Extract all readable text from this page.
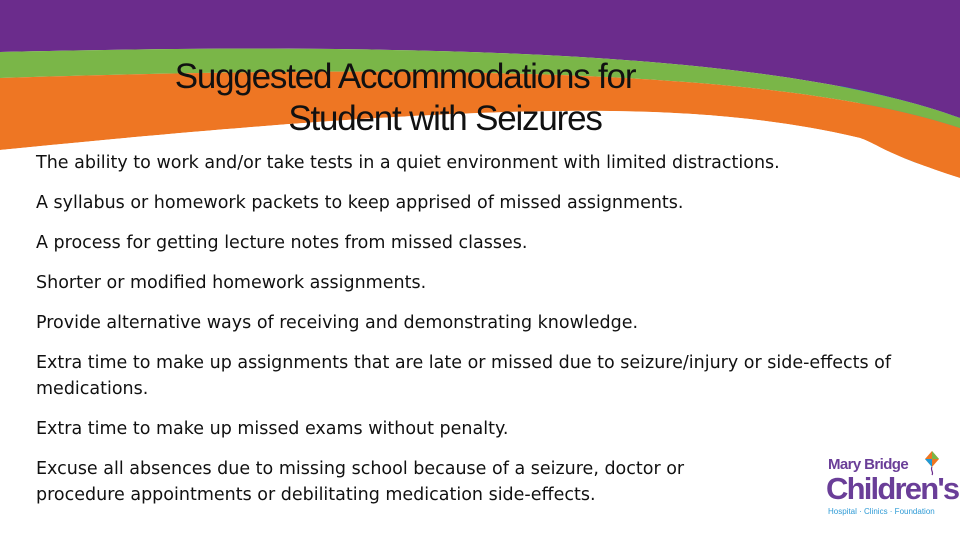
Suggested Accommodations for
Student with Seizures
The ability to work and/or take tests in a quiet environment with limited distractions.
A syllabus or homework packets to keep apprised of missed assignments.
A process for getting lecture notes from missed classes.
Shorter or modified homework assignments.
Provide alternative ways of receiving and demonstrating knowledge.
Extra time to make up assignments that are late or missed due to seizure/injury or side-effects of medications.
Extra time to make up missed exams without penalty.
Excuse all absences due to missing school because of a seizure, doctor or procedure appointments or debilitating medication side-effects.
Mary Bridge
Children's
Hospital · Clinics · Foundation
